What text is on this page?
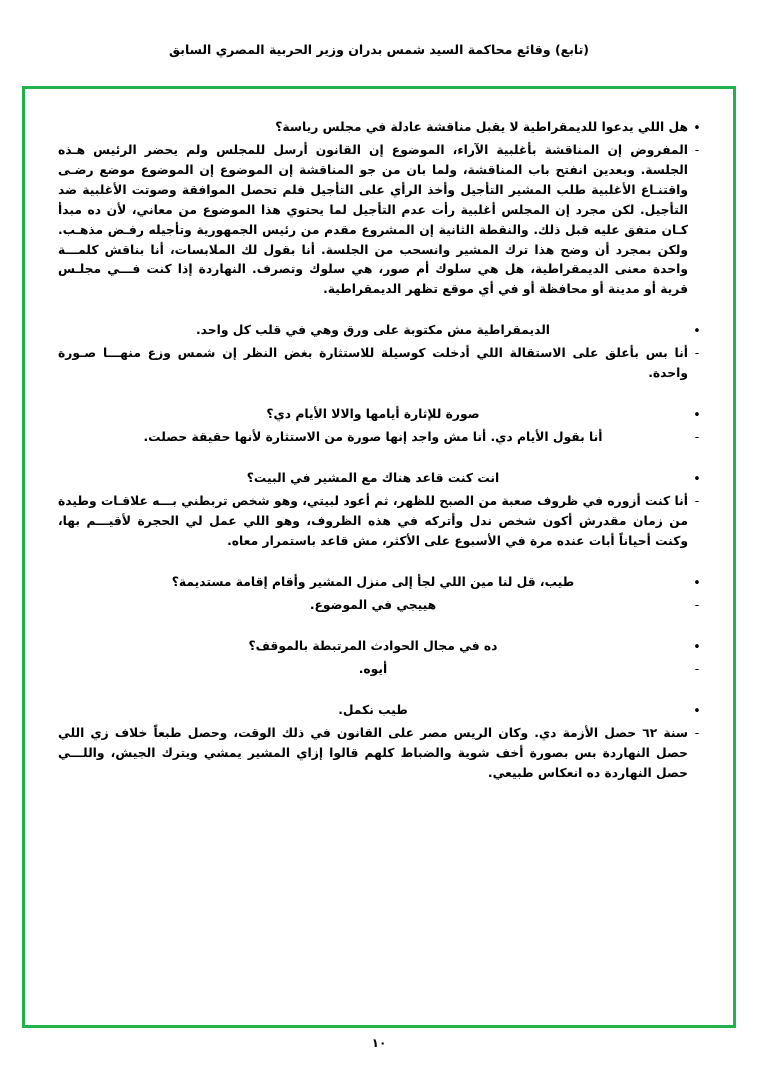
(تابع) وقائع محاكمة السيد شمس بدران وزير الحربية المصري السابق
•
هل اللي يدعوا للديمقراطية لا يقبل مناقشة عادلة في مجلس رياسة؟
-
المفروض إن المناقشة بأغلبية الآراء، الموضوع إن القانون أرسل للمجلس ولم يحضر الرئيس هـذه الجلسة. وبعدين انفتح باب المناقشة، ولما بان من جو المناقشة إن الموضوع إن الموضوع موضع رضـى واقتنـاع الأغلبية طلب المشير التأجيل وأخذ الرأي على التأجيل فلم تحصل الموافقة وصوتت الأغلبية ضد التأجيل. لكن مجرد إن المجلس أغلبية رأت عدم التأجيل لما يحتوي هذا الموضوع من معاني، لأن ده مبدأ كـان متفق عليه قبل ذلك. والنقطة الثانية إن المشروع مقدم من رئيس الجمهورية وتأجيله رفـض مذهـب. ولكن بمجرد أن وضح هذا ترك المشير وانسحب من الجلسة. أنا بقول لك الملابسات، أنا بناقش كلمـــة واحدة معنى الديمقراطية، هل هي سلوك أم صور، هي سلوك وتصرف. النهاردة إذا كنت فـــي مجلـس قرية أو مدينة أو محافظة أو في أي موقع تظهر الديمقراطية.
•
الديمقراطية مش مكتوبة على ورق وهي في قلب كل واحد.
-
أنا بس بأعلق على الاستقالة اللي أدخلت كوسيلة للاستثارة بغض النظر إن شمس وزع منهـــا صـورة واحدة.
•
صورة للإثارة أيامها والالا الأيام دي؟
-
أنا بقول الأيام دي. أنا مش واجد إنها صورة من الاستثارة لأنها حقيقة حصلت.
•
انت كنت قاعد هناك مع المشير في البيت؟
-
أنا كنت أزوره في ظروف صعبة من الصبح للظهر، ثم أعود لبيتي، وهو شخص تربطني بـــه علاقـات وطيدة من زمان مقدرش أكون شخص ندل وأتركه في هذه الظروف، وهو اللي عمل لي الحجرة لأقيـــم بها، وكنت أحياناً أبات عنده مرة في الأسبوع على الأكثر، مش قاعد باستمرار معاه.
•
طيب، قل لنا مين اللي لجأ إلى منزل المشير وأقام إقامة مستديمة؟
-
هييجي في الموضوع.
•
ده في مجال الحوادث المرتبطة بالموقف؟
-
أيوه.
•
طيب نكمل.
-
سنة ٦٢ حصل الأزمة دي. وكان الريس مصر على القانون في ذلك الوقت، وحصل طبعاً خلاف زي اللي حصل النهاردة بس بصورة أخف شوية والضباط كلهم قالوا إزاي المشير يمشي ويترك الجيش، واللـــي حصل النهاردة ده انعكاس طبيعي.
١٠
